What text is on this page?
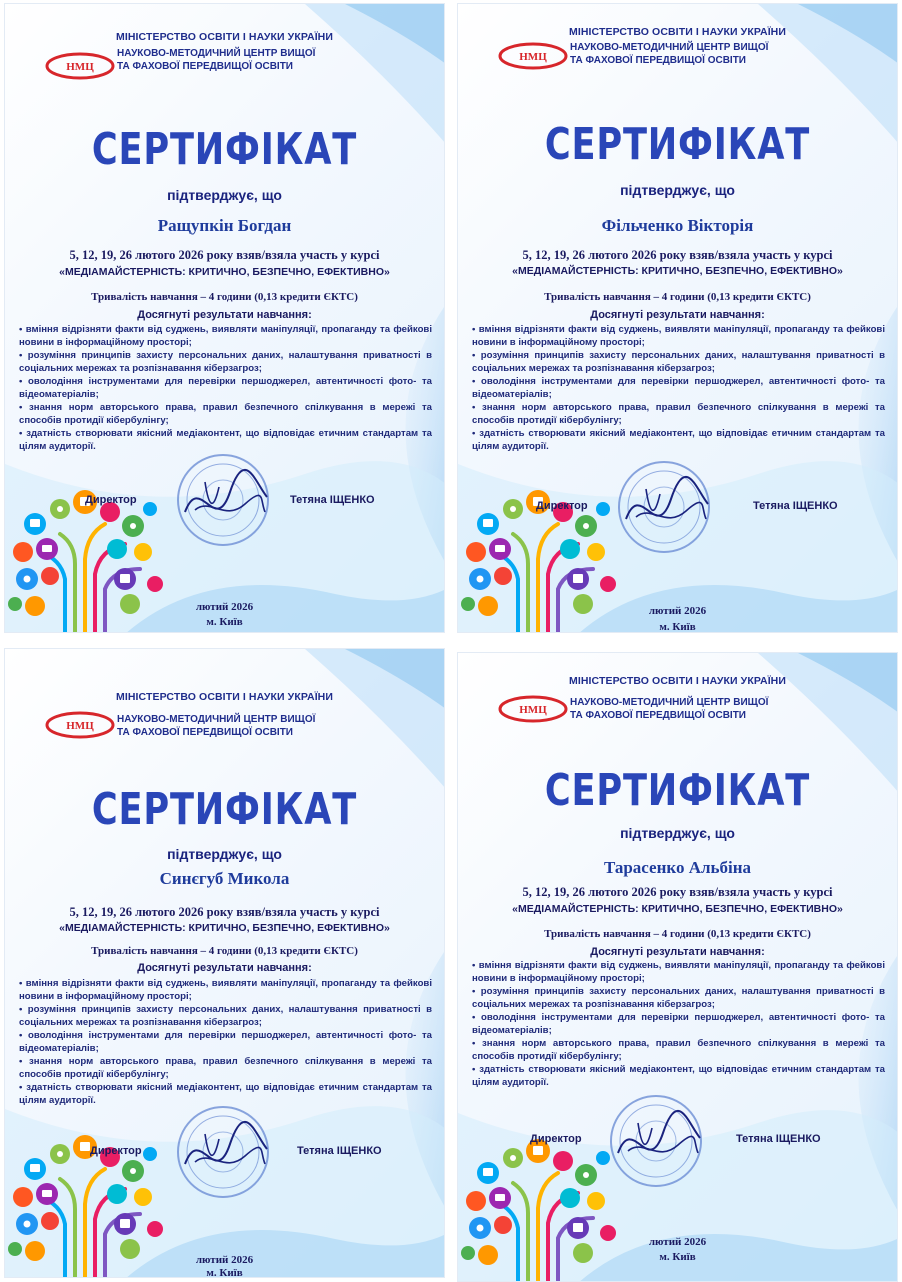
МІНІСТЕРСТВО ОСВІТИ І НАУКИ УКРАЇНИ
НМЦ
НАУКОВО-МЕТОДИЧНИЙ ЦЕНТР ВИЩОЇ
ТА ФАХОВОЇ ПЕРЕДВИЩОЇ ОСВІТИ
СЕРТИФІКАТ
підтверджує, що
Ращупкін Богдан
5, 12, 19, 26 лютого 2026 року взяв/взяла участь у курсі
«МЕДІАМАЙСТЕРНІСТЬ: КРИТИЧНО, БЕЗПЕЧНО, ЕФЕКТИВНО»
Тривалість навчання – 4 години (0,13 кредити ЄКТС)
Досягнуті результати навчання:
• вміння відрізняти факти від суджень, виявляти маніпуляції, пропаганду та фейкові новини в інформаційному просторі;
• розуміння принципів захисту персональних даних, налаштування приватності в соціальних мережах та розпізнавання кіберзагроз;
• оволодіння інструментами для перевірки першоджерел, автентичності фото- та відеоматеріалів;
• знання норм авторського права, правил безпечного спілкування в мережі та способів протидії кібербулінгу;
• здатність створювати якісний медіаконтент, що відповідає етичним стандартам та цілям аудиторії.
Директор	Тетяна ІЩЕНКО
лютий 2026
м. Київ
МІНІСТЕРСТВО ОСВІТИ І НАУКИ УКРАЇНИ
НМЦ
НАУКОВО-МЕТОДИЧНИЙ ЦЕНТР ВИЩОЇ
ТА ФАХОВОЇ ПЕРЕДВИЩОЇ ОСВІТИ
СЕРТИФІКАТ
підтверджує, що
Фільченко Вікторія
5, 12, 19, 26 лютого 2026 року взяв/взяла участь у курсі
«МЕДІАМАЙСТЕРНІСТЬ: КРИТИЧНО, БЕЗПЕЧНО, ЕФЕКТИВНО»
Тривалість навчання – 4 години (0,13 кредити ЄКТС)
Досягнуті результати навчання:
• вміння відрізняти факти від суджень, виявляти маніпуляції, пропаганду та фейкові новини в інформаційному просторі;
• розуміння принципів захисту персональних даних, налаштування приватності в соціальних мережах та розпізнавання кіберзагроз;
• оволодіння інструментами для перевірки першоджерел, автентичності фото- та відеоматеріалів;
• знання норм авторського права, правил безпечного спілкування в мережі та способів протидії кібербулінгу;
• здатність створювати якісний медіаконтент, що відповідає етичним стандартам та цілям аудиторії.
Директор	Тетяна ІЩЕНКО
лютий 2026
м. Київ
МІНІСТЕРСТВО ОСВІТИ І НАУКИ УКРАЇНИ
НМЦ
НАУКОВО-МЕТОДИЧНИЙ ЦЕНТР ВИЩОЇ
ТА ФАХОВОЇ ПЕРЕДВИЩОЇ ОСВІТИ
СЕРТИФІКАТ
підтверджує, що
Синєгуб Микола
5, 12, 19, 26 лютого 2026 року взяв/взяла участь у курсі
«МЕДІАМАЙСТЕРНІСТЬ: КРИТИЧНО, БЕЗПЕЧНО, ЕФЕКТИВНО»
Тривалість навчання – 4 години (0,13 кредити ЄКТС)
Досягнуті результати навчання:
• вміння відрізняти факти від суджень, виявляти маніпуляції, пропаганду та фейкові новини в інформаційному просторі;
• розуміння принципів захисту персональних даних, налаштування приватності в соціальних мережах та розпізнавання кіберзагроз;
• оволодіння інструментами для перевірки першоджерел, автентичності фото- та відеоматеріалів;
• знання норм авторського права, правил безпечного спілкування в мережі та способів протидії кібербулінгу;
• здатність створювати якісний медіаконтент, що відповідає етичним стандартам та цілям аудиторії.
Директор	Тетяна ІЩЕНКО
лютий 2026
м. Київ
МІНІСТЕРСТВО ОСВІТИ І НАУКИ УКРАЇНИ
НМЦ
НАУКОВО-МЕТОДИЧНИЙ ЦЕНТР ВИЩОЇ
ТА ФАХОВОЇ ПЕРЕДВИЩОЇ ОСВІТИ
СЕРТИФІКАТ
підтверджує, що
Тарасенко Альбіна
5, 12, 19, 26 лютого 2026 року взяв/взяла участь у курсі
«МЕДІАМАЙСТЕРНІСТЬ: КРИТИЧНО, БЕЗПЕЧНО, ЕФЕКТИВНО»
Тривалість навчання – 4 години (0,13 кредити ЄКТС)
Досягнуті результати навчання:
• вміння відрізняти факти від суджень, виявляти маніпуляції, пропаганду та фейкові новини в інформаційному просторі;
• розуміння принципів захисту персональних даних, налаштування приватності в соціальних мережах та розпізнавання кіберзагроз;
• оволодіння інструментами для перевірки першоджерел, автентичності фото- та відеоматеріалів;
• знання норм авторського права, правил безпечного спілкування в мережі та способів протидії кібербулінгу;
• здатність створювати якісний медіаконтент, що відповідає етичним стандартам та цілям аудиторії.
Директор	Тетяна ІЩЕНКО
лютий 2026
м. Київ
